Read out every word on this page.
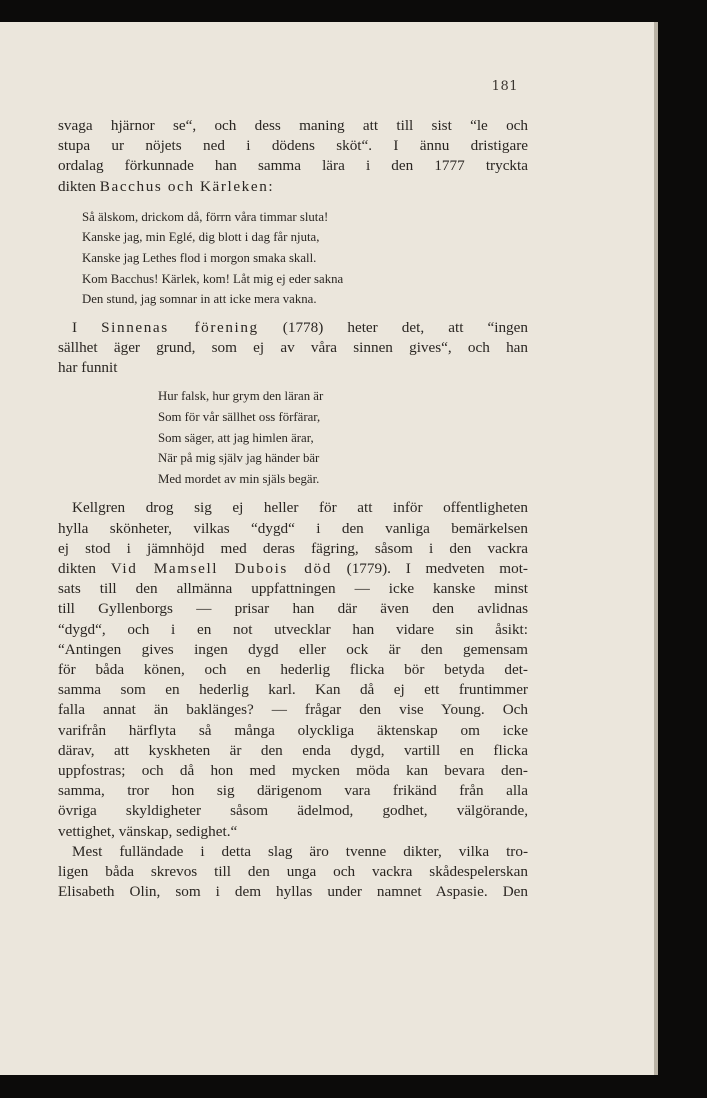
181
svaga hjärnor se“, och dess maning att till sist “le och
stupa ur nöjets ned i dödens sköt“. I ännu dristigare
ordalag förkunnade han samma lära i den 1777 tryckta
dikten Bacchus och Kärleken:
Så älskom, drickom då, förrn våra timmar sluta!
Kanske jag, min Eglé, dig blott i dag får njuta,
Kanske jag Lethes flod i morgon smaka skall.
Kom Bacchus! Kärlek, kom! Låt mig ej eder sakna
Den stund, jag somnar in att icke mera vakna.
I Sinnenas förening (1778) heter det, att “ingen
sällhet äger grund, som ej av våra sinnen gives“, och han
har funnit
Hur falsk, hur grym den läran är
Som för vår sällhet oss förfärar,
Som säger, att jag himlen ärar,
När på mig själv jag händer bär
Med mordet av min själs begär.
Kellgren drog sig ej heller för att inför offentligheten
hylla skönheter, vilkas “dygd“ i den vanliga bemärkelsen
ej stod i jämnhöjd med deras fägring, såsom i den vackra
dikten Vid Mamsell Dubois död (1779). I medveten mot-
sats till den allmänna uppfattningen — icke kanske minst
till Gyllenborgs — prisar han där även den avlidnas
“dygd“, och i en not utvecklar han vidare sin åsikt:
“Antingen gives ingen dygd eller ock är den gemensam
för båda könen, och en hederlig flicka bör betyda det-
samma som en hederlig karl. Kan då ej ett fruntimmer
falla annat än baklänges? — frågar den vise Young. Och
varifrån härflyta så många olyckliga äktenskap om icke
därav, att kyskheten är den enda dygd, vartill en flicka
uppfostras; och då hon med mycken möda kan bevara den-
samma, tror hon sig därigenom vara frikänd från alla
övriga skyldigheter såsom ädelmod, godhet, välgörande,
vettighet, vänskap, sedighet.“
Mest fulländade i detta slag äro tvenne dikter, vilka tro-
ligen båda skrevos till den unga och vackra skådespelerskan
Elisabeth Olin, som i dem hyllas under namnet Aspasie. Den
